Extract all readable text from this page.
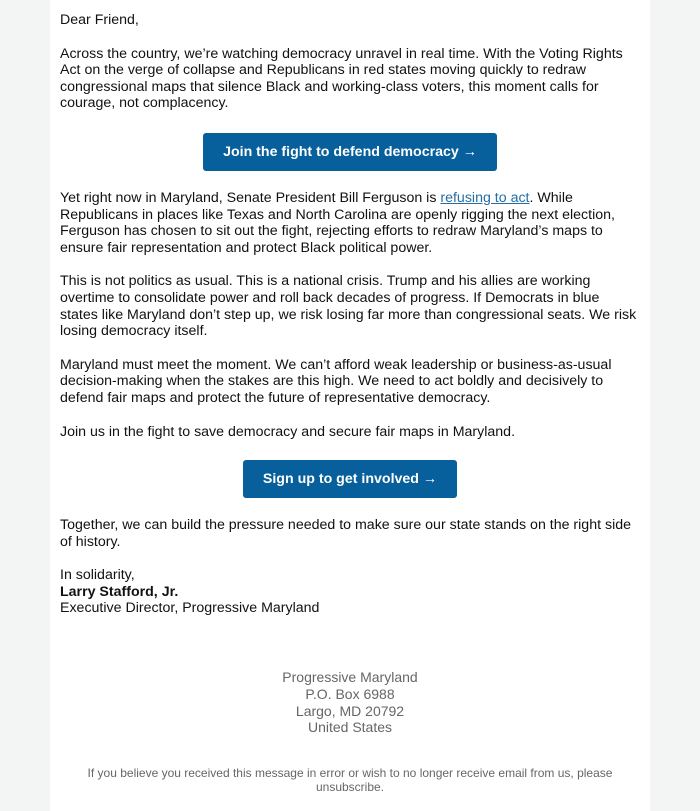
Dear Friend,

Across the country, we’re watching democracy unravel in real time. With the Voting Rights Act on the verge of collapse and Republicans in red states moving quickly to redraw congressional maps that silence Black and working-class voters, this moment calls for courage, not complacency.

Join the fight to defend democracy →

Yet right now in Maryland, Senate President Bill Ferguson is refusing to act. While Republicans in places like Texas and North Carolina are openly rigging the next election, Ferguson has chosen to sit out the fight, rejecting efforts to redraw Maryland’s maps to ensure fair representation and protect Black political power.

This is not politics as usual. This is a national crisis. Trump and his allies are working overtime to consolidate power and roll back decades of progress. If Democrats in blue states like Maryland don’t step up, we risk losing far more than congressional seats. We risk losing democracy itself.

Maryland must meet the moment. We can’t afford weak leadership or business-as-usual decision-making when the stakes are this high. We need to act boldly and decisively to defend fair maps and protect the future of representative democracy.

Join us in the fight to save democracy and secure fair maps in Maryland.

Sign up to get involved →

Together, we can build the pressure needed to make sure our state stands on the right side of history.

In solidarity,

Larry Stafford, Jr.

Executive Director, Progressive Maryland

Progressive Maryland
P.O. Box 6988
Largo, MD 20792
United States
If you believe you received this message in error or wish to no longer receive email from us, please unsubscribe.
